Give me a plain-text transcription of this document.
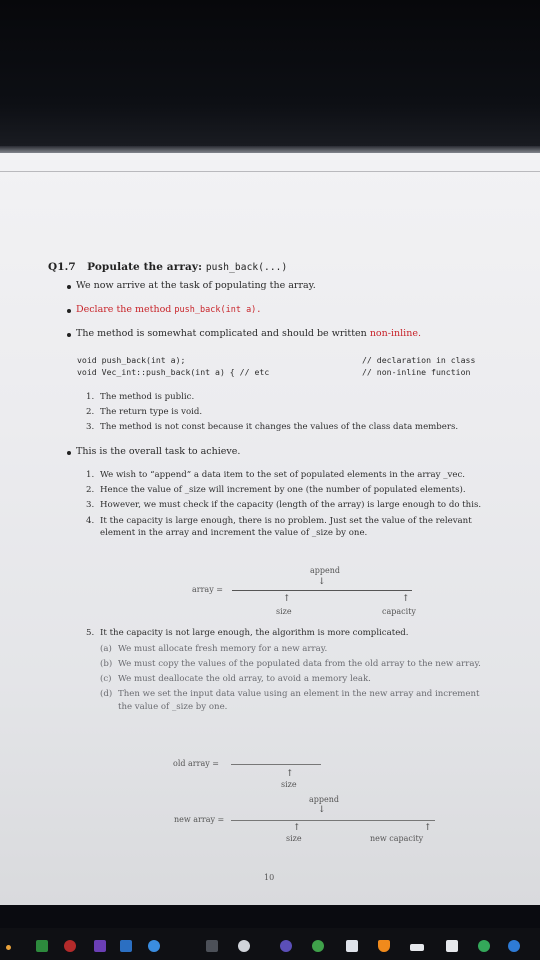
Q1.7 Populate the array: push_back(...)
We now arrive at the task of populating the array.
Declare the method push_back(int a).
The method is somewhat complicated and should be written non-inline.
void push_back(int a);	// declaration in class
void Vec_int::push_back(int a) { // etc	// non-inline function
1. The method is public.
2. The return type is void.
3. The method is not const because it changes the values of the class data members.
This is the overall task to achieve.
1. We wish to “append” a data item to the set of populated elements in the array _vec.
2. Hence the value of _size will increment by one (the number of populated elements).
3. However, we must check if the capacity (length of the array) is large enough to do this.
4. It the capacity is large enough, there is no problem. Just set the value of the relevant
element in the array and increment the value of _size by one.
append
↓
array =
↑	↑
size	capacity
5. It the capacity is not large enough, the algorithm is more complicated.
(a) We must allocate fresh memory for a new array.
(b) We must copy the values of the populated data from the old array to the new array.
(c) We must deallocate the old array, to avoid a memory leak.
(d) Then we set the input data value using an element in the new array and increment
the value of _size by one.
old array =
↑
size
append
↓
new array =
↑	↑
size	new capacity
10
